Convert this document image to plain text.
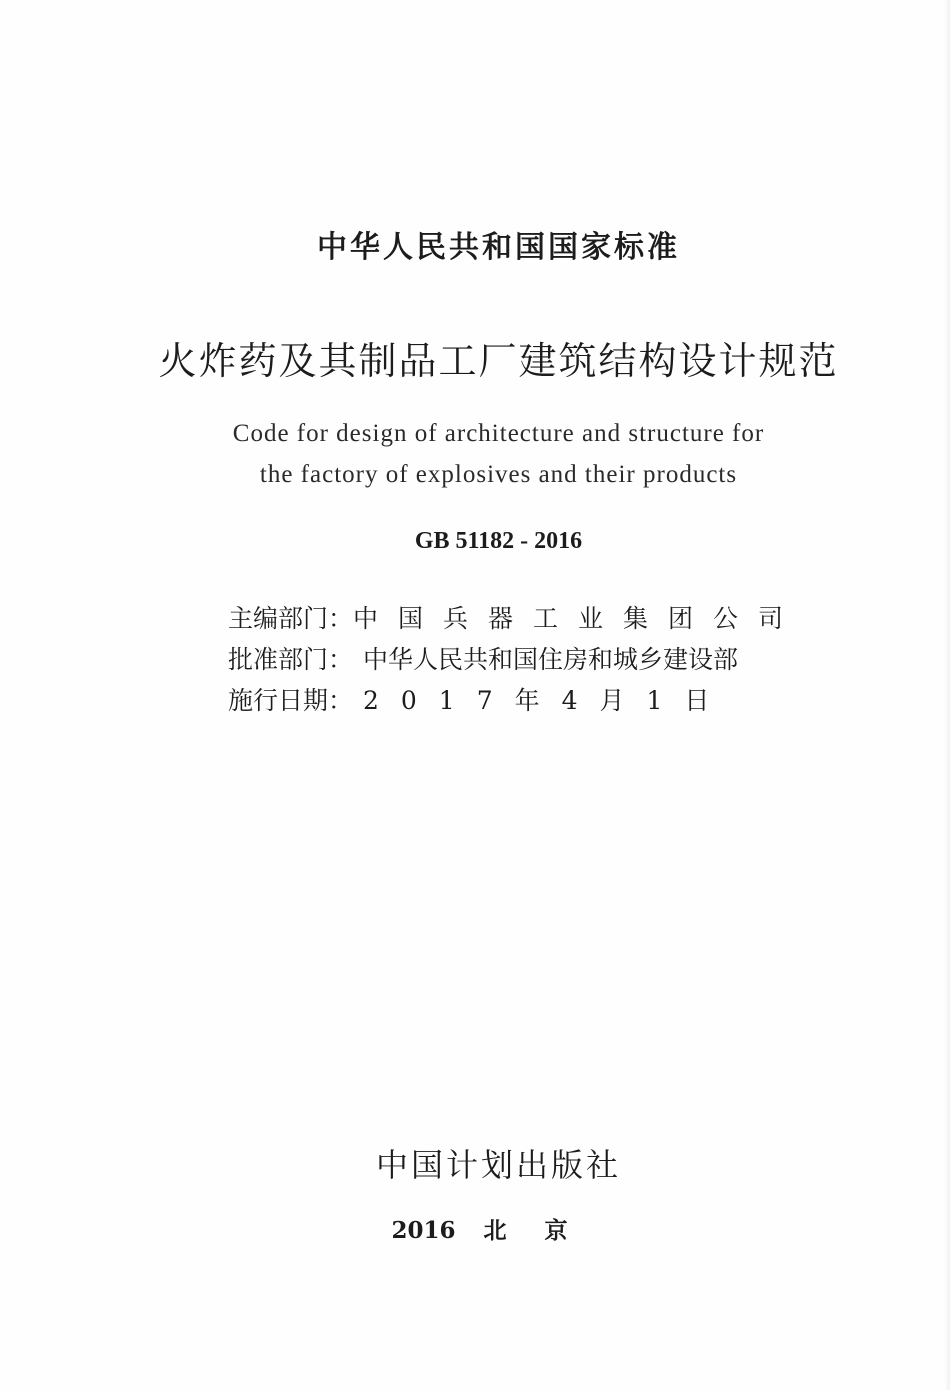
中华人民共和国国家标准
火炸药及其制品工厂建筑结构设计规范
Code for design of architecture and structure for
the factory of explosives and their products
GB 51182 - 2016
主编部门： 中国兵器工业集团公司
批准部门： 中华人民共和国住房和城乡建设部
施行日期： 2017年4月1日
中国计划出版社
2016 北京
